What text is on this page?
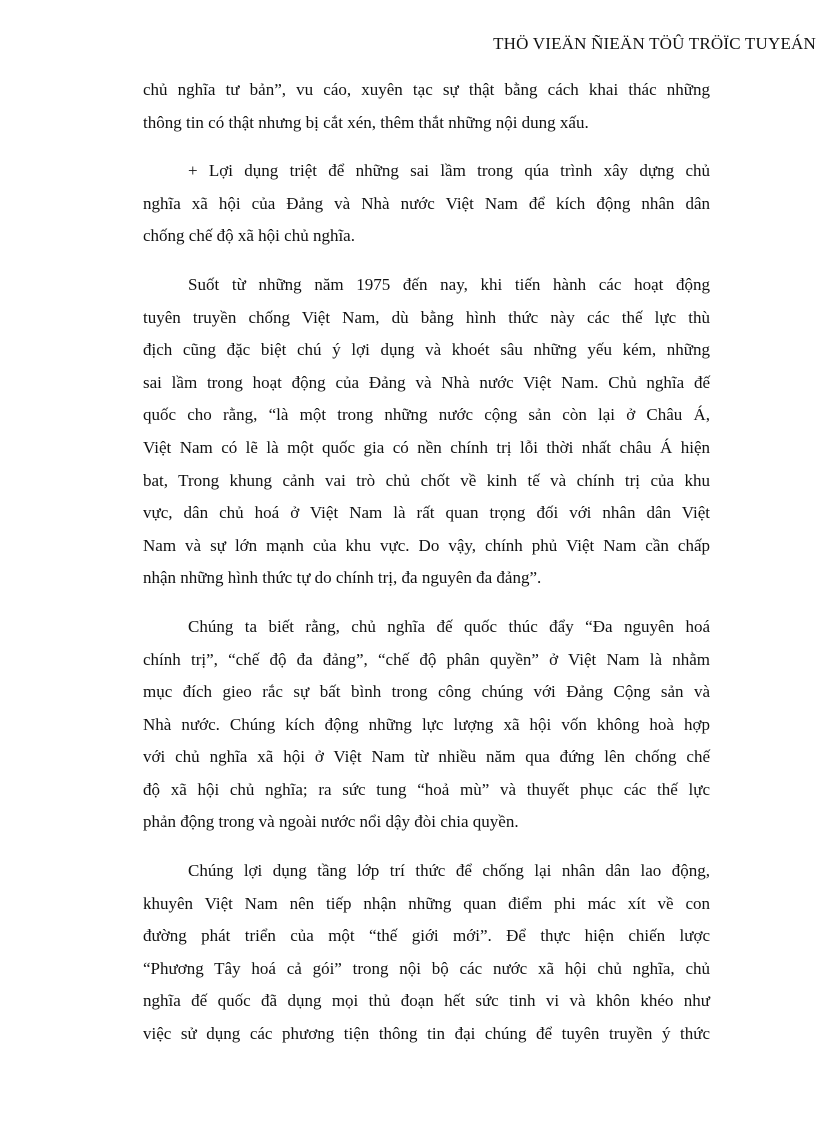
THÖ VIEÄN ÑIEÄN TÖÛ TRÖÏC TUYEÁN

chủ nghĩa tư bản”, vu cáo, xuyên tạc sự thật bằng cách khai thác những
thông tin có thật nhưng bị cắt xén, thêm thắt những nội dung xấu.

+ Lợi dụng triệt để những sai lầm trong qúa trình xây dựng chủ
nghĩa xã hội của Đảng và Nhà nước Việt Nam để kích động nhân dân
chống chế độ xã hội chủ nghĩa.

Suốt từ những năm 1975 đến nay, khi tiến hành các hoạt động
tuyên truyền chống Việt Nam, dù bằng hình thức này các thế lực thù
địch cũng đặc biệt chú ý lợi dụng và khoét sâu những yếu kém, những
sai lầm trong hoạt động của Đảng và Nhà nước Việt Nam. Chủ nghĩa đế
quốc cho rằng, “là một trong những nước cộng sản còn lại ở Châu Á,
Việt Nam có lẽ là một quốc gia có nền chính trị lỗi thời nhất châu Á hiện
bat, Trong khung cảnh vai trò chủ chốt về kinh tế và chính trị của khu
vực, dân chủ hoá ở Việt Nam là rất quan trọng đối với nhân dân Việt
Nam và sự lớn mạnh của khu vực. Do vậy, chính phủ Việt Nam cần chấp
nhận những hình thức tự do chính trị, đa nguyên đa đảng”.

Chúng ta biết rằng, chủ nghĩa đế quốc thúc đẩy “Đa nguyên hoá
chính trị”, “chế độ đa đảng”, “chế độ phân quyền” ở Việt Nam là nhằm
mục đích gieo rắc sự bất bình trong công chúng với Đảng Cộng sản và
Nhà nước. Chúng kích động những lực lượng xã hội vốn không hoà hợp
với chủ nghĩa xã hội ở Việt Nam từ nhiều năm qua đứng lên chống chế
độ xã hội chủ nghĩa; ra sức tung “hoả mù” và thuyết phục các thế lực
phản động trong và ngoài nước nổi dậy đòi chia quyền.

Chúng lợi dụng tầng lớp trí thức để chống lại nhân dân lao động,
khuyên Việt Nam nên tiếp nhận những quan điểm phi mác xít về con
đường phát triển của một “thế giới mới”. Để thực hiện chiến lược
“Phương Tây hoá cả gói” trong nội bộ các nước xã hội chủ nghĩa, chủ
nghĩa đế quốc đã dụng mọi thủ đoạn hết sức tinh vi và khôn khéo như
việc sử dụng các phương tiện thông tin đại chúng để tuyên truyền ý thức
